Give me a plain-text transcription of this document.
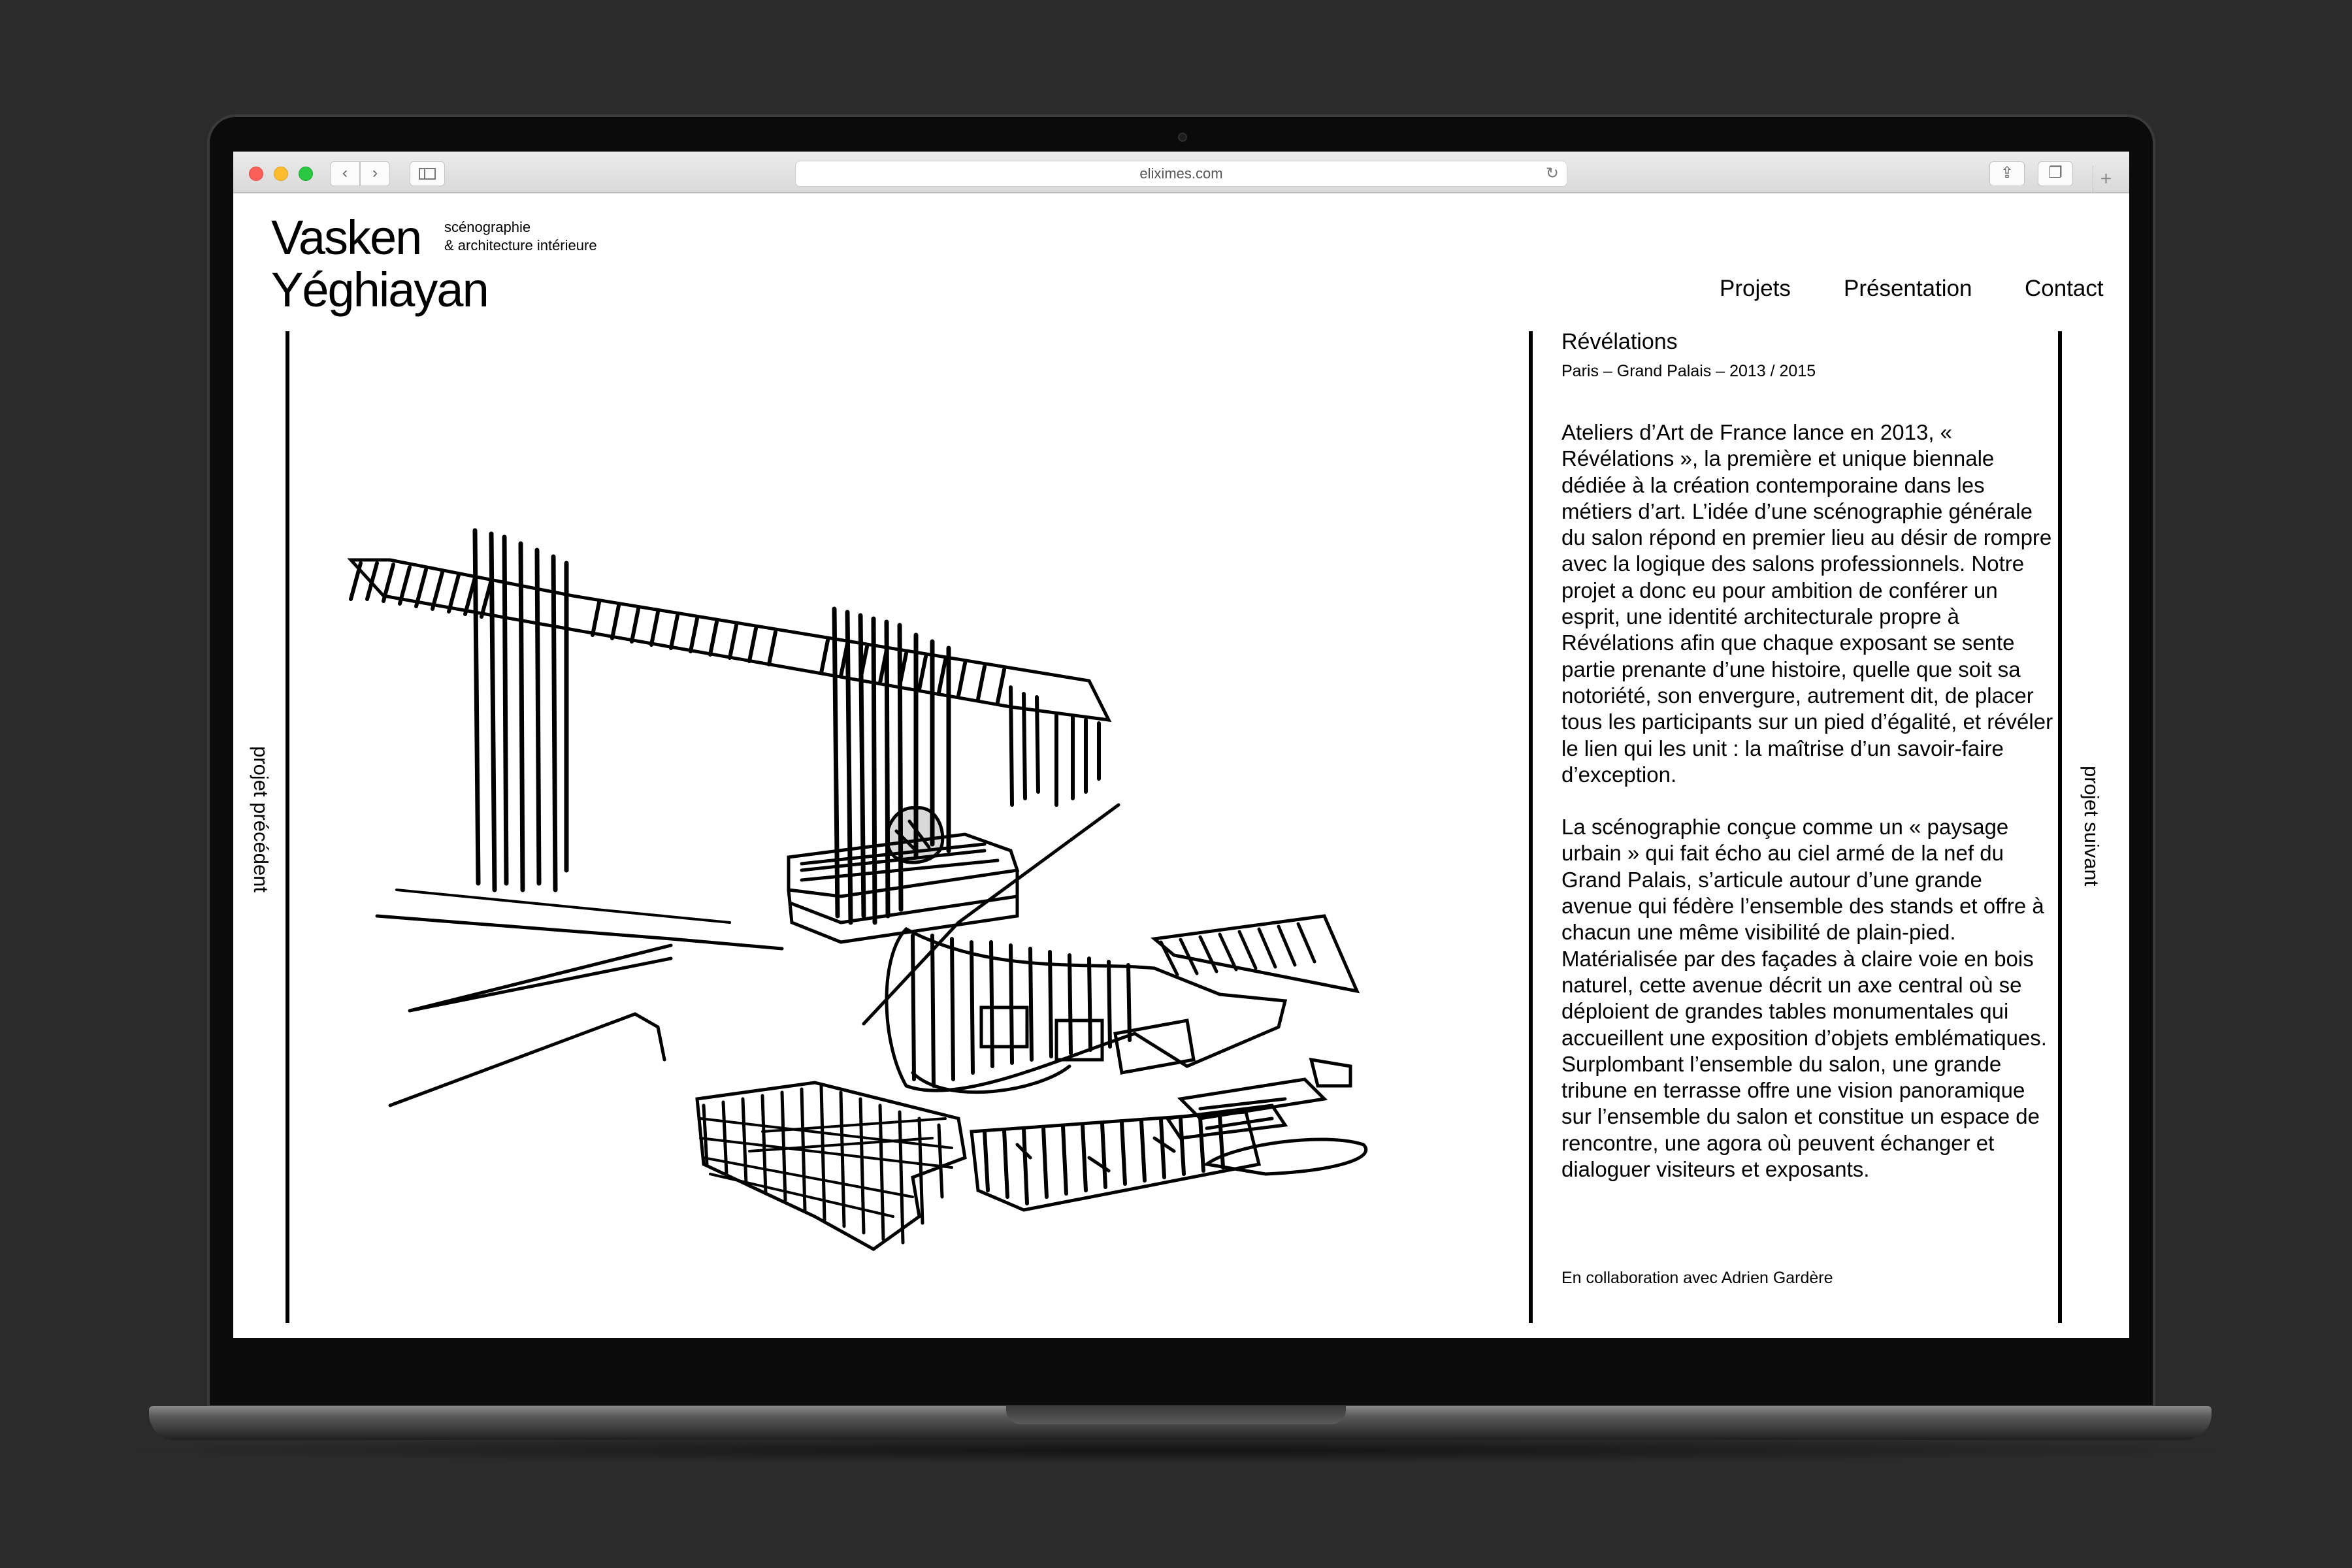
‹	›	eliximes.com	↻	⇪	❐	+
Vasken
Yéghiayan
scénographie
& architecture intérieure
Projets Présentation Contact
projet précédent	projet suivant
Révélations
Paris – Grand Palais – 2013 / 2015

Ateliers d’Art de France lance en 2013, « Révélations », la première et unique biennale dédiée à la création contemporaine dans les métiers d’art. L’idée d’une scénographie générale du salon répond en premier lieu au désir de rompre avec la logique des salons professionnels. Notre projet a donc eu pour ambition de conférer un esprit, une identité architecturale propre à Révélations afin que chaque exposant se sente partie prenante d’une histoire, quelle que soit sa notoriété, son envergure, autrement dit, de placer tous les participants sur un pied d’égalité, et révéler le lien qui les unit : la maîtrise d’un savoir-faire d’exception.

La scénographie conçue comme un « paysage urbain » qui fait écho au ciel armé de la nef du Grand Palais, s’articule autour d’une grande avenue qui fédère l’ensemble des stands et offre à chacun une même visibilité de plain-pied. Matérialisée par des façades à claire voie en bois naturel, cette avenue décrit un axe central où se déploient de grandes tables monumentales qui accueillent une exposition d’objets emblématiques. Surplombant l’ensemble du salon, une grande tribune en terrasse offre une vision panoramique sur l’ensemble du salon et constitue un espace de rencontre, une agora où peuvent échanger et dialoguer visiteurs et exposants.

En collaboration avec Adrien Gardère
